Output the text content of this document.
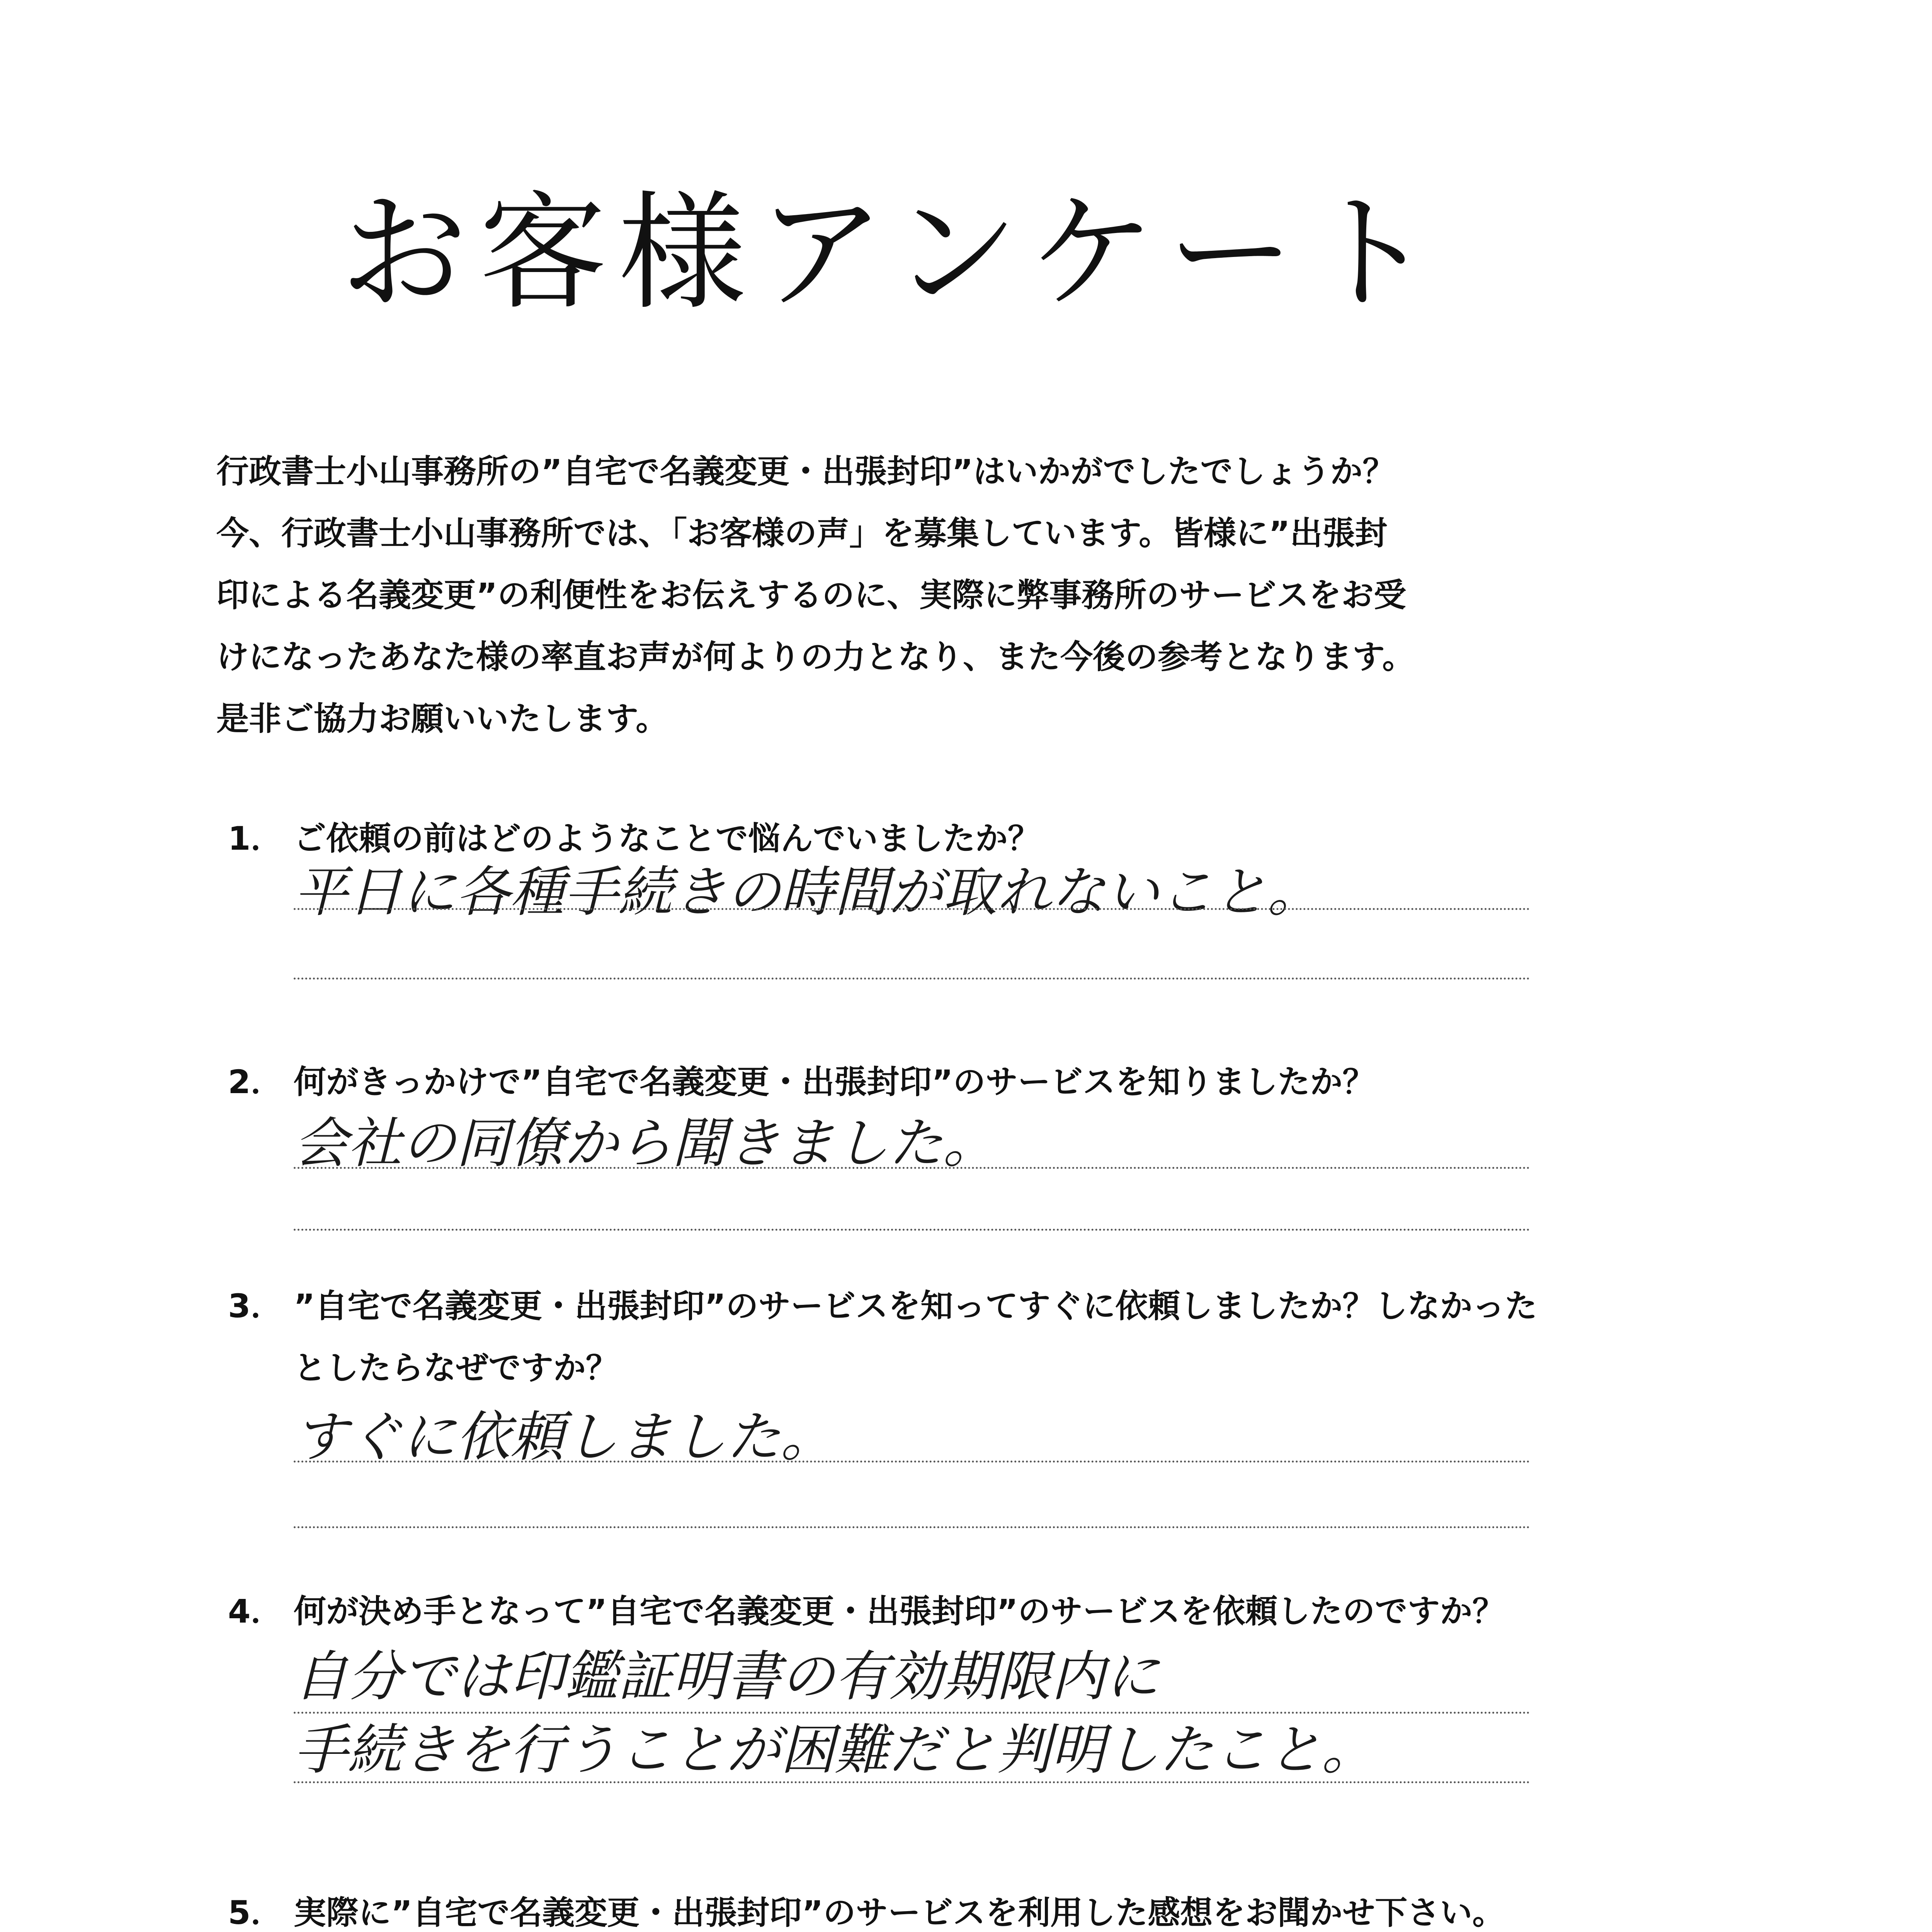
お客様アンケート

行政書士小山事務所の”自宅で名義変更・出張封印”はいかがでしたでしょうか？

今、行政書士小山事務所では、「お客様の声」を募集しています。皆様に”出張封

印による名義変更”の利便性をお伝えするのに、実際に弊事務所のサービスをお受

けになったあなた様の率直お声が何よりの力となり、また今後の参考となります。

是非ご協力お願いいたします。

1． ご依頼の前はどのようなことで悩んでいましたか？
平日に各種手続きの時間が取れないこと。
2． 何がきっかけで”自宅で名義変更・出張封印”のサービスを知りましたか？
会社の同僚から聞きました。
3． ”自宅で名義変更・出張封印”のサービスを知ってすぐに依頼しましたか？しなかった
としたらなぜですか？
すぐに依頼しました。
4． 何が決め手となって”自宅で名義変更・出張封印”のサービスを依頼したのですか？
自分では印鑑証明書の有効期限内に
手続きを行うことが困難だと判明したこと。
5． 実際に”自宅で名義変更・出張封印”のサービスを利用した感想をお聞かせ下さい。
